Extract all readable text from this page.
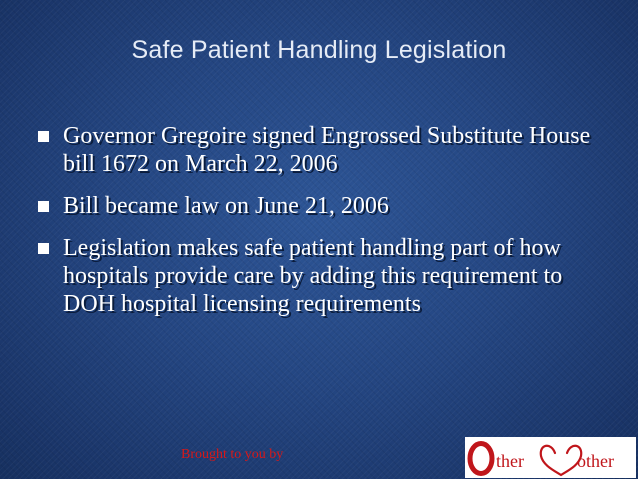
Safe Patient Handling Legislation
Governor Gregoire signed Engrossed Substitute House bill 1672 on March 22, 2006
Bill became law on June 21, 2006
Legislation makes safe patient handling part of how hospitals provide care by adding this requirement to DOH hospital licensing requirements
Brought to you by	ther	other
